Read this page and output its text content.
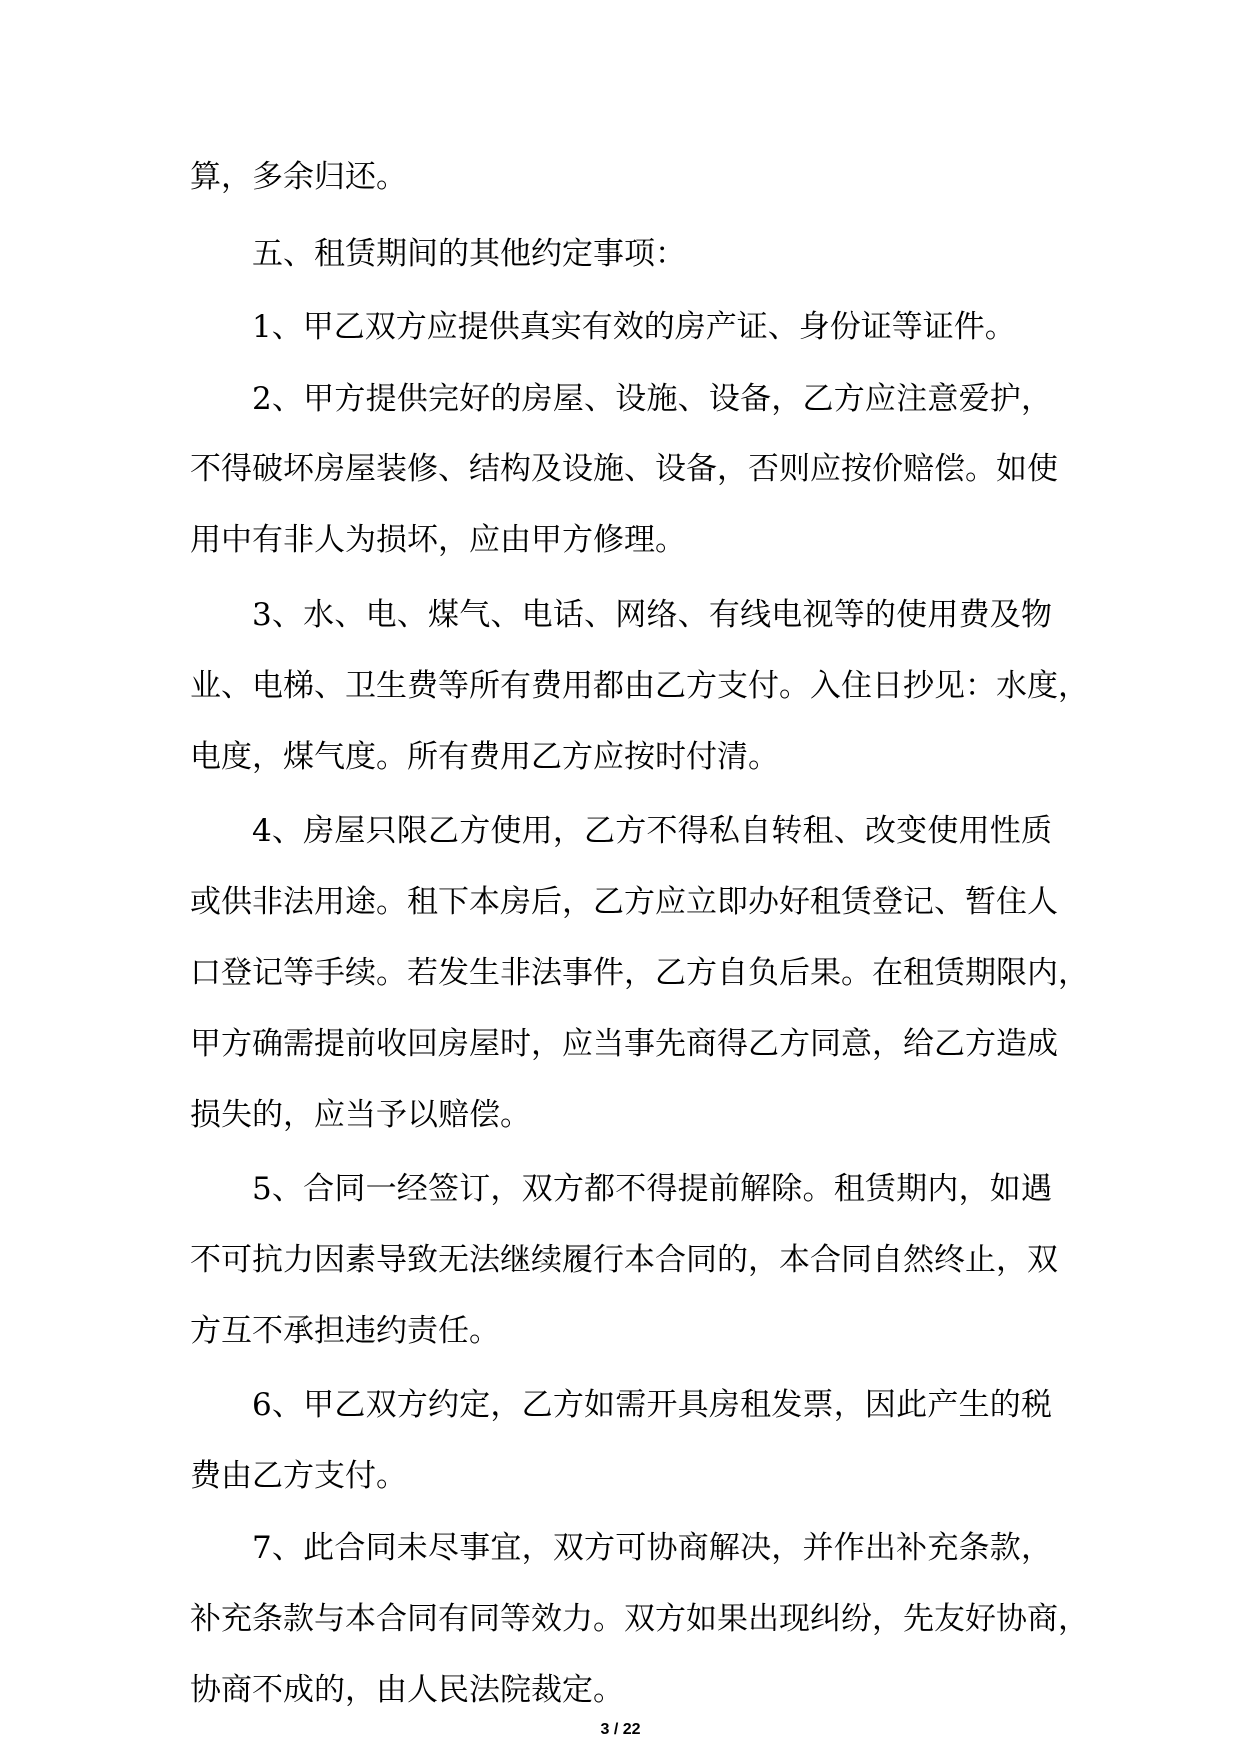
算，多余归还。

五、租赁期间的其他约定事项：

1、甲乙双方应提供真实有效的房产证、身份证等证件。

2、甲方提供完好的房屋、设施、设备，乙方应注意爱护，

不得破坏房屋装修、结构及设施、设备，否则应按价赔偿。如使

用中有非人为损坏，应由甲方修理。

3、水、电、煤气、电话、网络、有线电视等的使用费及物

业、电梯、卫生费等所有费用都由乙方支付。入住日抄见：水度，

电度，煤气度。所有费用乙方应按时付清。

4、房屋只限乙方使用，乙方不得私自转租、改变使用性质

或供非法用途。租下本房后，乙方应立即办好租赁登记、暂住人

口登记等手续。若发生非法事件，乙方自负后果。在租赁期限内，

甲方确需提前收回房屋时，应当事先商得乙方同意，给乙方造成

损失的，应当予以赔偿。

5、合同一经签订，双方都不得提前解除。租赁期内，如遇

不可抗力因素导致无法继续履行本合同的，本合同自然终止，双

方互不承担违约责任。

6、甲乙双方约定，乙方如需开具房租发票，因此产生的税

费由乙方支付。

7、此合同未尽事宜，双方可协商解决，并作出补充条款，

补充条款与本合同有同等效力。双方如果出现纠纷，先友好协商，

协商不成的，由人民法院裁定。

3 / 22
